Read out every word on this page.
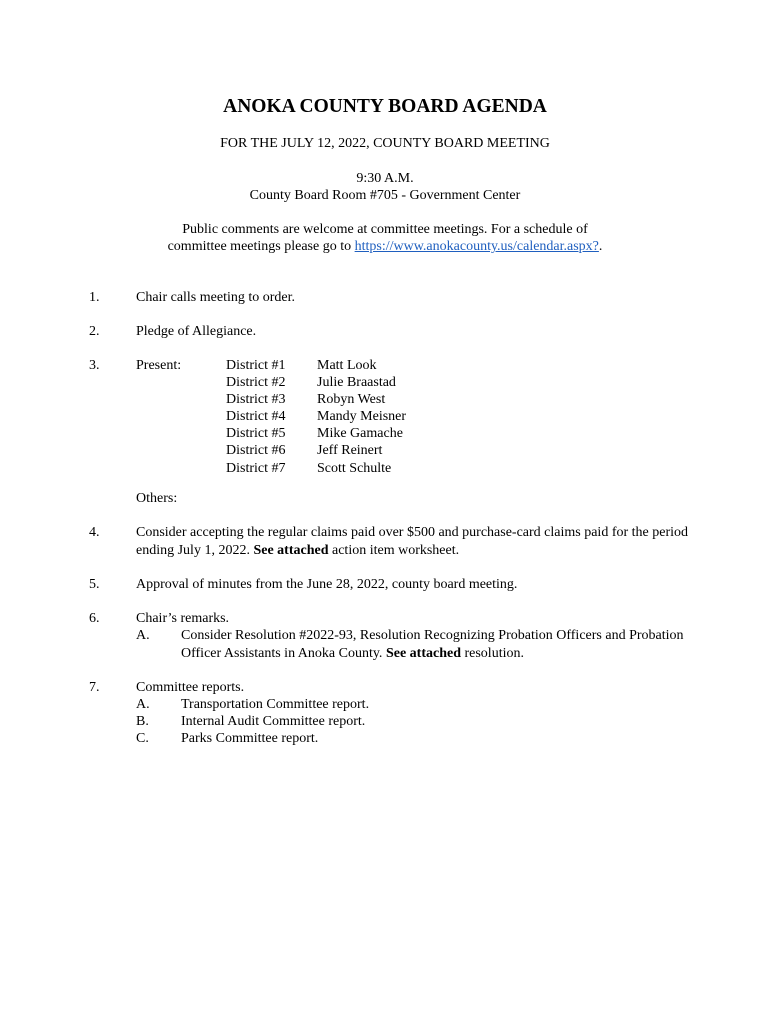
ANOKA COUNTY BOARD AGENDA
FOR THE JULY 12, 2022, COUNTY BOARD MEETING
9:30 A.M.
County Board Room #705 - Government Center
Public comments are welcome at committee meetings. For a schedule of
committee meetings please go to https://www.anokacounty.us/calendar.aspx?.
1.	Chair calls meeting to order.
2.	Pledge of Allegiance.
3.	Present:	District #1 Matt Look
District #2 Julie Braastad
District #3 Robyn West
District #4 Mandy Meisner
District #5 Mike Gamache
District #6 Jeff Reinert
District #7 Scott Schulte
Others:
4.	Consider accepting the regular claims paid over $500 and purchase-card claims paid for the period
ending July 1, 2022. See attached action item worksheet.
5.	Approval of minutes from the June 28, 2022, county board meeting.
6.	Chair’s remarks.
A. Consider Resolution #2022-93, Resolution Recognizing Probation Officers and Probation
Officer Assistants in Anoka County. See attached resolution.
7.	Committee reports.
A. Transportation Committee report.
B. Internal Audit Committee report.
C. Parks Committee report.
